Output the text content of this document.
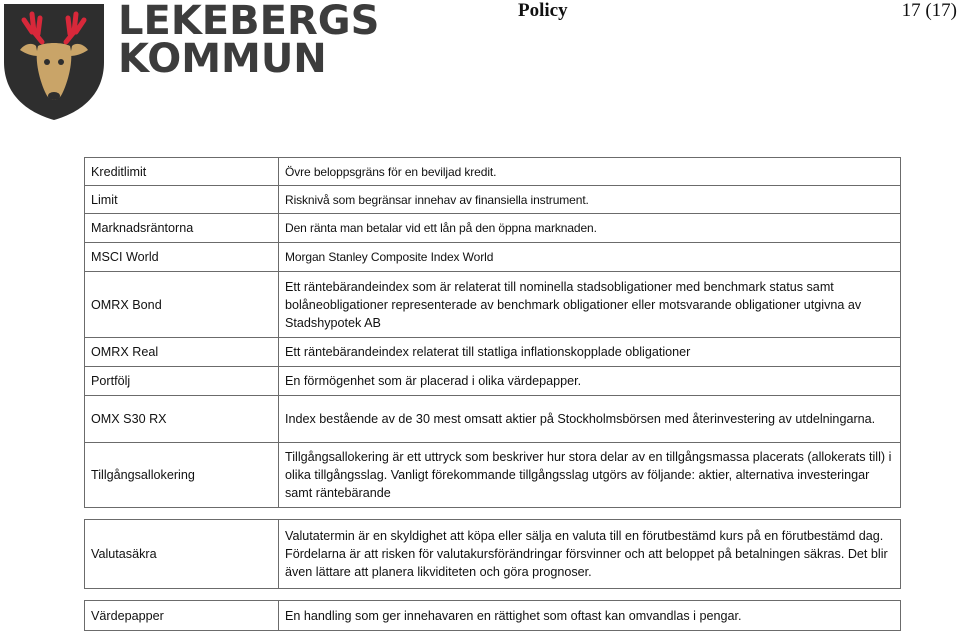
LEKEBERGS
KOMMUN
Policy	17 (17)
Kreditlimit	Övre beloppsgräns för en beviljad kredit.
Limit	Risknivå som begränsar innehav av finansiella instrument.
Marknadsräntorna	Den ränta man betalar vid ett lån på den öppna marknaden.
MSCI World	Morgan Stanley Composite Index World
OMRX Bond	Ett räntebärandeindex som är relaterat till nominella stadsobligationer med benchmark status samt bolåneobligationer representerade av benchmark obligationer eller motsvarande obligationer utgivna av Stadshypotek AB
OMRX Real	Ett räntebärandeindex relaterat till statliga inflationskopplade obligationer
Portfölj	En förmögenhet som är placerad i olika värdepapper.
OMX S30 RX	Index bestående av de 30 mest omsatt aktier på Stockholmsbörsen med återinvestering av utdelningarna.
Tillgångsallokering	Tillgångsallokering är ett uttryck som beskriver hur stora delar av en tillgångsmassa placerats (allokerats till) i olika tillgångsslag. Vanligt förekommande tillgångsslag utgörs av följande: aktier, alternativa investeringar samt räntebärande

Valutasäkra	Valutatermin är en skyldighet att köpa eller sälja en valuta till en förutbestämd kurs på en förutbestämd dag. Fördelarna är att risken för valutakursförändringar försvinner och att beloppet på betalningen säkras. Det blir även lättare att planera likviditeten och göra prognoser.

Värdepapper	En handling som ger innehavaren en rättighet som oftast kan omvandlas i pengar.
